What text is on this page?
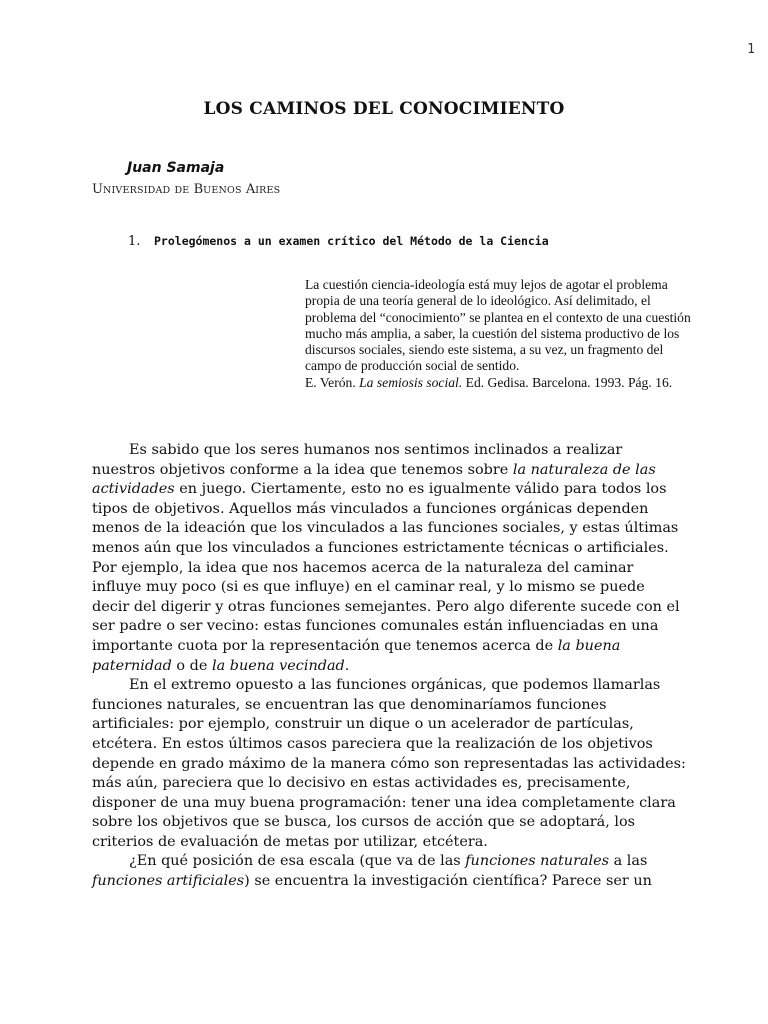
1
LOS CAMINOS DEL CONOCIMIENTO
Juan Samaja
UNIVERSIDAD DE BUENOS AIRES
1. Prolegómenos a un examen crítico del Método de la Ciencia

La cuestión ciencia-ideología está muy lejos de agotar el problema propia de una teoría general de lo ideológico. Así delimitado, el problema del “conocimiento” se plantea en el contexto de una cuestión mucho más amplia, a saber, la cuestión del sistema productivo de los discursos sociales, siendo este sistema, a su vez, un fragmento del campo de producción social de sentido.

E. Verón. La semiosis social. Ed. Gedisa. Barcelona. 1993. Pág. 16.

Es sabido que los seres humanos nos sentimos inclinados a realizar nuestros objetivos conforme a la idea que tenemos sobre la naturaleza de las actividades en juego. Ciertamente, esto no es igualmente válido para todos los tipos de objetivos. Aquellos más vinculados a funciones orgánicas dependen menos de la ideación que los vinculados a las funciones sociales, y estas últimas menos aún que los vinculados a funciones estrictamente técnicas o artificiales. Por ejemplo, la idea que nos hacemos acerca de la naturaleza del caminar influye muy poco (si es que influye) en el caminar real, y lo mismo se puede decir del digerir y otras funciones semejantes. Pero algo diferente sucede con el ser padre o ser vecino: estas funciones comunales están influenciadas en una importante cuota por la representación que tenemos acerca de la buena paternidad o de la buena vecindad.

En el extremo opuesto a las funciones orgánicas, que podemos llamarlas funciones naturales, se encuentran las que denominaríamos funciones artificiales: por ejemplo, construir un dique o un acelerador de partículas, etcétera. En estos últimos casos pareciera que la realización de los objetivos depende en grado máximo de la manera cómo son representadas las actividades: más aún, pareciera que lo decisivo en estas actividades es, precisamente, disponer de una muy buena programación: tener una idea completamente clara sobre los objetivos que se busca, los cursos de acción que se adoptará, los criterios de evaluación de metas por utilizar, etcétera.

¿En qué posición de esa escala (que va de las funciones naturales a las funciones artificiales) se encuentra la investigación científica? Parece ser un
